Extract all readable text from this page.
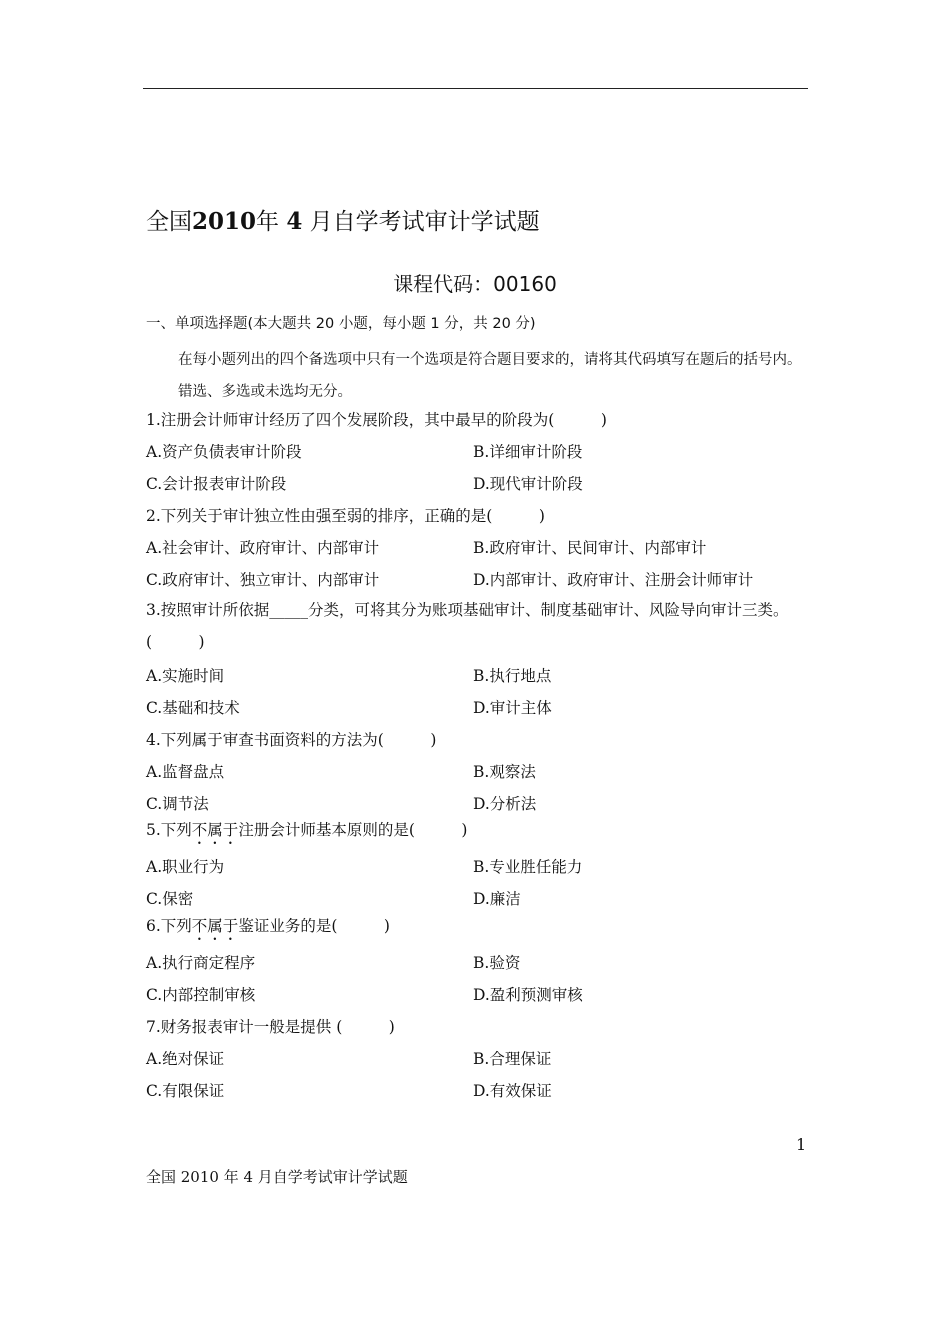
全国2010年 4 月自学考试审计学试题
课程代码：00160
一、单项选择题(本大题共 20 小题，每小题 1 分，共 20 分)
在每小题列出的四个备选项中只有一个选项是符合题目要求的，请将其代码填写在题后的括号内。错选、多选或未选均无分。
1.注册会计师审计经历了四个发展阶段，其中最早的阶段为(　　　)
A.资产负债表审计阶段	B.详细审计阶段
C.会计报表审计阶段	D.现代审计阶段
2.下列关于审计独立性由强至弱的排序，正确的是(　　　)
A.社会审计、政府审计、内部审计	B.政府审计、民间审计、内部审计
C.政府审计、独立审计、内部审计	D.内部审计、政府审计、注册会计师审计
3.按照审计所依据_____分类，可将其分为账项基础审计、制度基础审计、风险导向审计三类。(　　　)
A.实施时间	B.执行地点
C.基础和技术	D.审计主体
4.下列属于审查书面资料的方法为(　　　)
A.监督盘点	B.观察法
C.调节法	D.分析法
5.下列不属于注册会计师基本原则的是(　　　)
A.职业行为	B.专业胜任能力
C.保密	D.廉洁
6.下列不属于鉴证业务的是(　　　)
A.执行商定程序	B.验资
C.内部控制审核	D.盈利预测审核
7.财务报表审计一般是提供 (　　　)
A.绝对保证	B.合理保证
C.有限保证	D.有效保证
1
全国 2010 年 4 月自学考试审计学试题
